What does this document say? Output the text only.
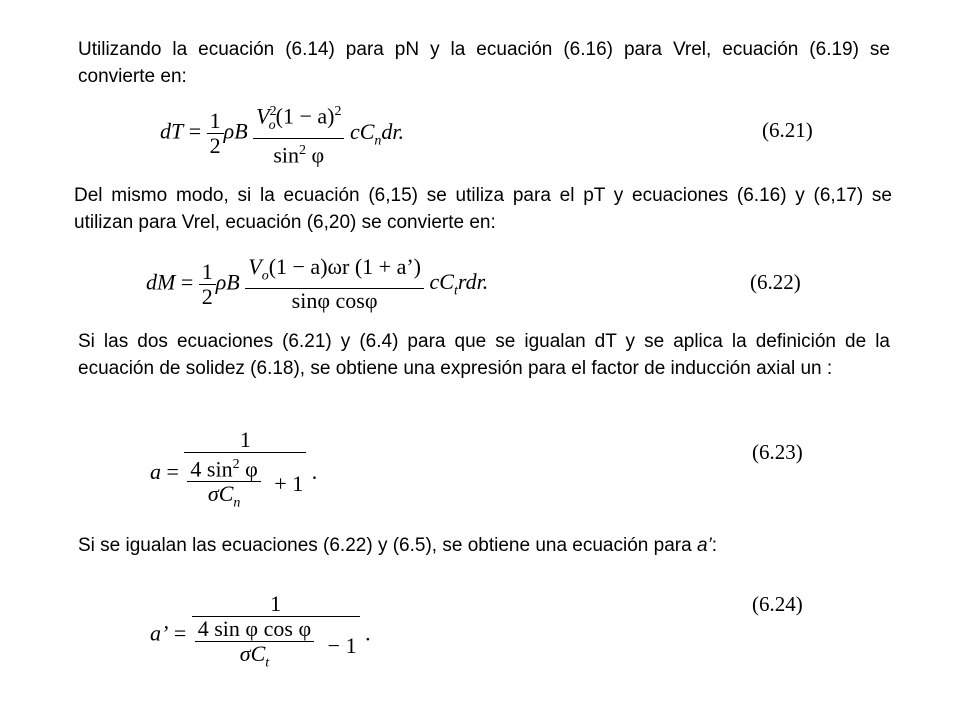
Utilizando la ecuación (6.14) para pN y la ecuación (6.16) para Vrel, ecuación (6.19) se convierte en:
dT = $\frac{1}{2}$ ρB $\frac{V^2_o(1 - a)^2}{\sin^2 \varphi} cC_ndr$.	(6.21)
Del mismo modo, si la ecuación (6,15) se utiliza para el pT y ecuaciones (6.16) y (6,17) se utilizan para Vrel, ecuación (6,20) se convierte en:
dM = $\frac{1}{2}$ ρB $\frac{V_o(1 - a)\omega r (1 + a’)}{\text{sinφ cosφ}} cC_trdr$.	(6.22)
Si las dos ecuaciones (6.21) y (6.4) para que se igualan dT y se aplica la definición de la ecuación de solidez (6.18), se obtiene una expresión para el factor de inducción axial un :
$a = \frac{1}{\frac{4 \sin^2 \varphi}{\sigma C_n} + 1}$ .
(6.23)
Si se igualan las ecuaciones (6.22) y (6.5), se obtiene una ecuación para a’:
a’ = $\frac{1}{\frac{\text{4 sin φ cos φ}}{\sigma C_t} - 1}$ .
(6.24)
